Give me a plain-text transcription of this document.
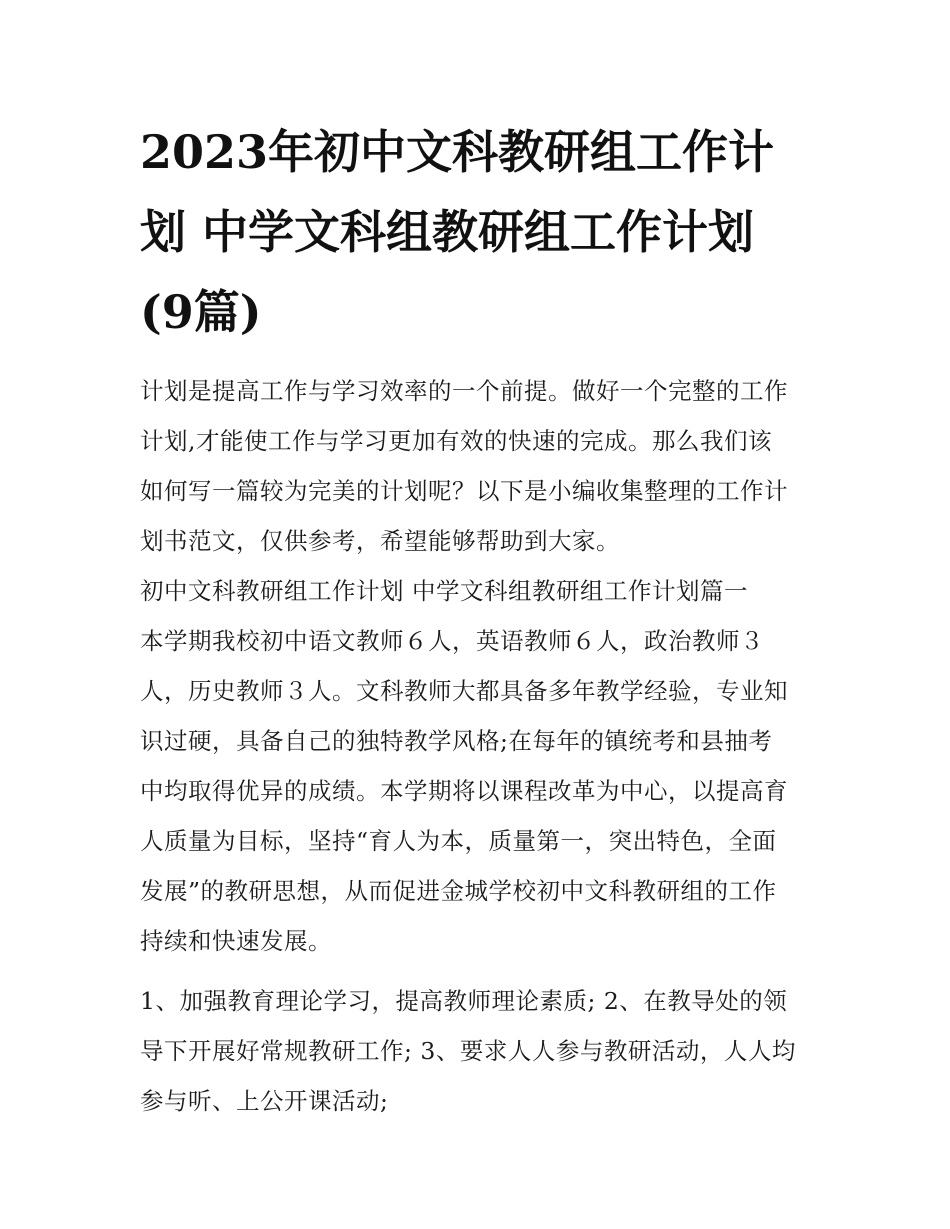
2023年初中文科教研组工作计
划 中学文科组教研组工作计划
(9篇)

计划是提高工作与学习效率的一个前提。做好一个完整的工作
计划,才能使工作与学习更加有效的快速的完成。那么我们该
如何写一篇较为完美的计划呢？以下是小编收集整理的工作计
划书范文，仅供参考，希望能够帮助到大家。

初中文科教研组工作计划 中学文科组教研组工作计划篇一

本学期我校初中语文教师６人，英语教师６人，政治教师３
人，历史教师３人。文科教师大都具备多年教学经验，专业知
识过硬，具备自己的独特教学风格;在每年的镇统考和县抽考
中均取得优异的成绩。本学期将以课程改革为中心，以提高育
人质量为目标，坚持“育人为本，质量第一，突出特色，全面
发展”的教研思想，从而促进金城学校初中文科教研组的工作
持续和快速发展。

1、加强教育理论学习，提高教师理论素质; 2、在教导处的领
导下开展好常规教研工作; 3、要求人人参与教研活动，人人均
参与听、上公开课活动;
